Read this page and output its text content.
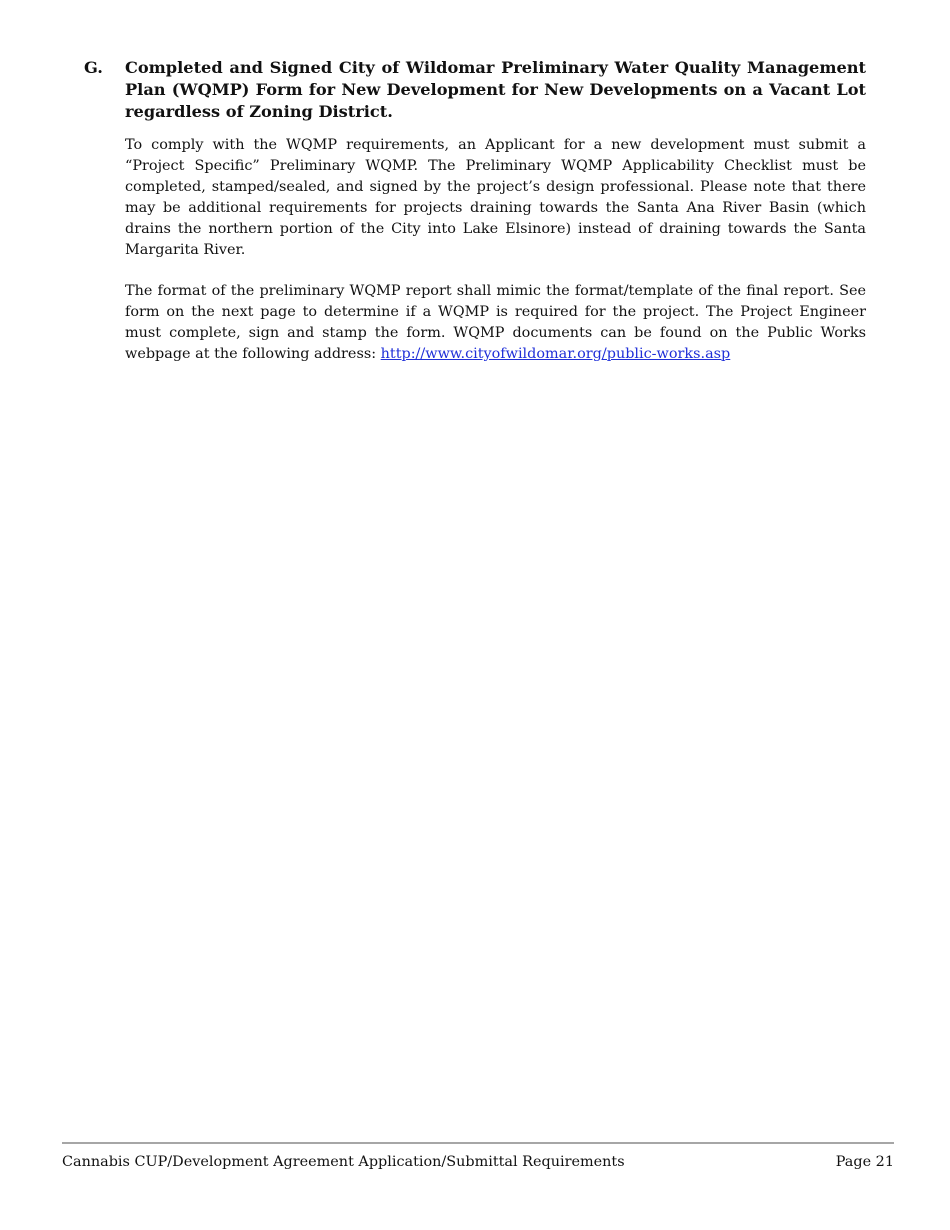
G. Completed and Signed City of Wildomar Preliminary Water Quality Management Plan (WQMP) Form for New Development for New Developments on a Vacant Lot regardless of Zoning District.

To comply with the WQMP requirements, an Applicant for a new development must submit a “Project Specific” Preliminary WQMP. The Preliminary WQMP Applicability Checklist must be completed, stamped/sealed, and signed by the project’s design professional. Please note that there may be additional requirements for projects draining towards the Santa Ana River Basin (which drains the northern portion of the City into Lake Elsinore) instead of draining towards the Santa Margarita River.

The format of the preliminary WQMP report shall mimic the format/template of the final report. See form on the next page to determine if a WQMP is required for the project. The Project Engineer must complete, sign and stamp the form. WQMP documents can be found on the Public Works webpage at the following address: http://www.cityofwildomar.org/public-works.asp

Cannabis CUP/Development Agreement Application/Submittal Requirements	Page 21
